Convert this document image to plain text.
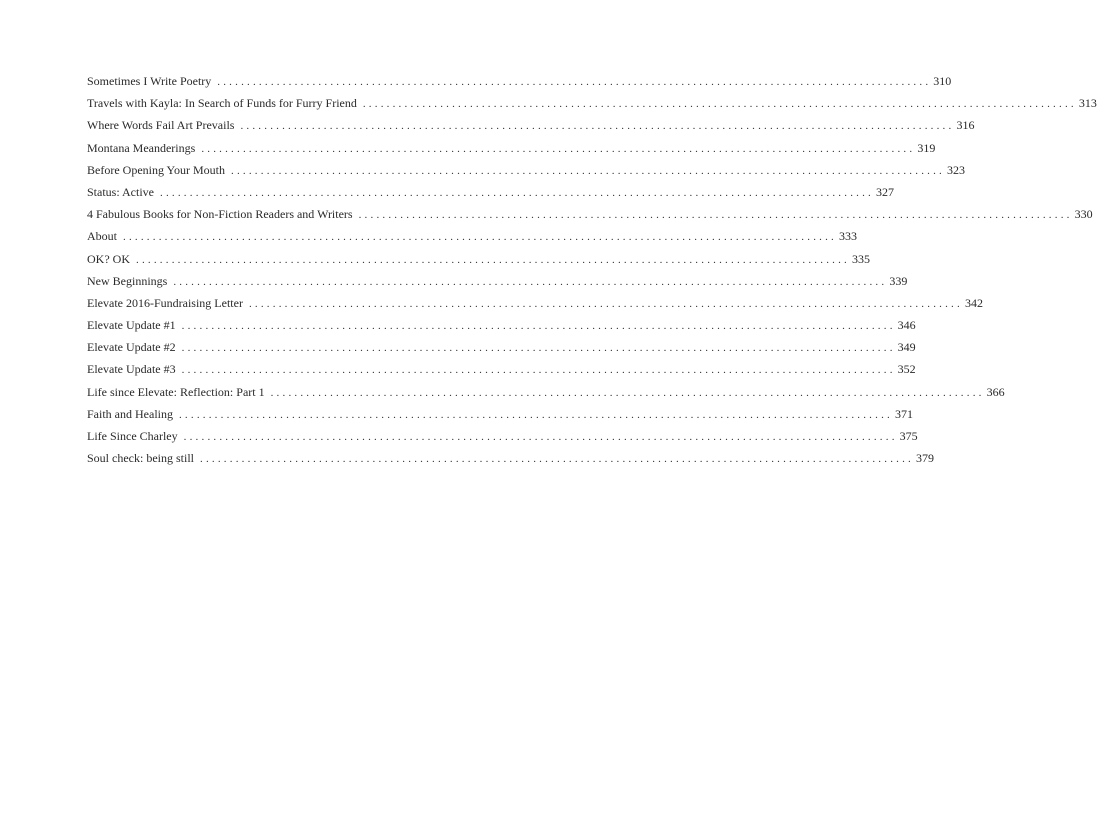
Sometimes I Write Poetry ........................................................................................................................ 310
Travels with Kayla: In Search of Funds for Furry Friend ........................................................................................................................ 313
Where Words Fail Art Prevails ........................................................................................................................ 316
Montana Meanderings ........................................................................................................................ 319
Before Opening Your Mouth ........................................................................................................................ 323
Status: Active ........................................................................................................................ 327
4 Fabulous Books for Non-Fiction Readers and Writers ........................................................................................................................ 330
About ........................................................................................................................ 333
OK? OK ........................................................................................................................ 335
New Beginnings ........................................................................................................................ 339
Elevate 2016-Fundraising Letter ........................................................................................................................ 342
Elevate Update #1 ........................................................................................................................ 346
Elevate Update #2 ........................................................................................................................ 349
Elevate Update #3 ........................................................................................................................ 352
Life since Elevate: Reflection: Part 1 ........................................................................................................................ 366
Faith and Healing ........................................................................................................................ 371
Life Since Charley ........................................................................................................................ 375
Soul check: being still ........................................................................................................................ 379
